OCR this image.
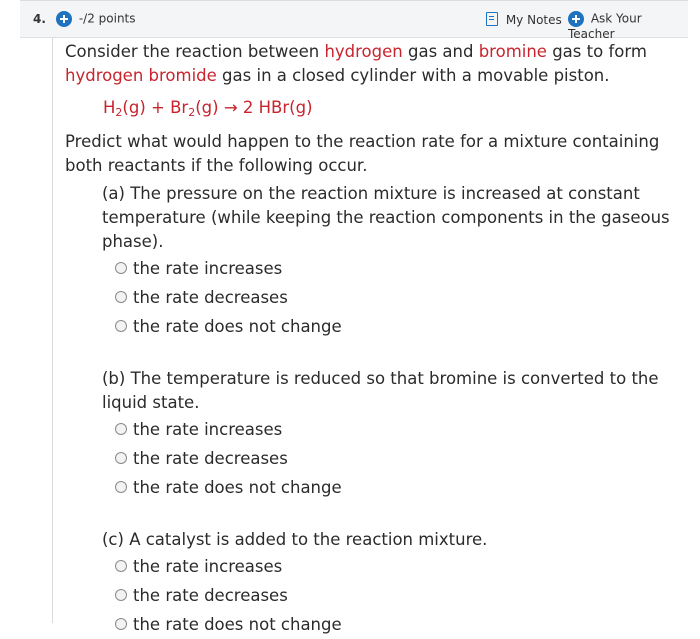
4.	-/2 points	My Notes	Ask Your Teacher

Consider the reaction between hydrogen gas and bromine gas to form hydrogen bromide gas in a closed cylinder with a movable piston.

$H_2(g) + Br_2(g) \to 2$ HBr(g)

Predict what would happen to the reaction rate for a mixture containing both reactants if the following occur.

(a) The pressure on the reaction mixture is increased at constant temperature (while keeping the reaction components in the gaseous phase).

the rate increases
the rate decreases
the rate does not change

(b) The temperature is reduced so that bromine is converted to the liquid state.

the rate increases
the rate decreases
the rate does not change

(c) A catalyst is added to the reaction mixture.

the rate increases
the rate decreases
the rate does not change
